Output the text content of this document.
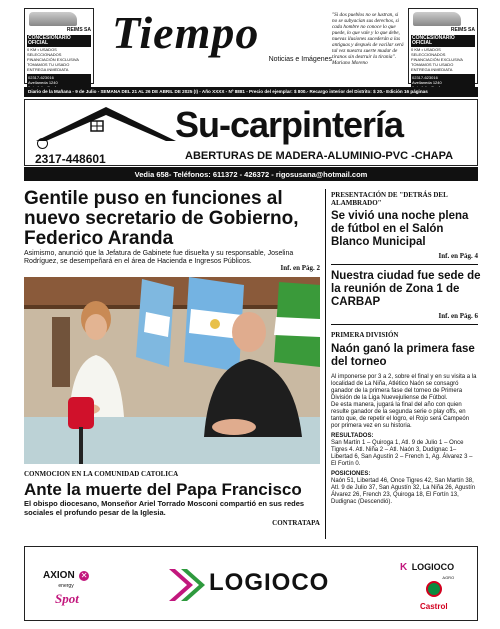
REIMS SA
CONCESIONARIO OFICIAL
0 KM • USADOS SELECCIONADOS
FINANCIACIÓN EXCLUSIVA
TOMAMOS TU USADO
ENTREGA INMEDIATA
02317-623016
Avellaneda 1240
Tiempo
Noticias e Imágenes
"Si dos pueblos no se lustran, si no se subyacían sus derechos, si cada hombre no conoce lo que puede, lo que vale y lo que debe, nuevas ilusiones sucederán a las antiguas y después de vacilar será tal vez nuestra suerte mudar de tiranos sin destruir la tiranía". Mariano Moreno
REIMS SA
CONCESIONARIO OFICIAL
0 KM • USADOS SELECCIONADOS
FINANCIACIÓN EXCLUSIVA
TOMAMOS TU USADO
ENTREGA INMEDIATA
02317-623016
Avellaneda 1240
Diario de la Mañana - 9 de Julio - SEMANA DEL 21 AL 26 DE ABRIL DE 2025 (I) - Año XXXX - Nº 8881 - Precio del ejemplar: $ 800.- Recargo interior del Distrito: $ 20.- Edición 16 páginas
Su-carpintería
2317-448601	ABERTURAS DE MADERA-ALUMINIO-PVC -CHAPA
Vedia 658- Teléfonos: 611372 - 426372 - rigosusana@hotmail.com
Gentile puso en funciones al nuevo secretario de Gobierno, Federico Aranda
Asimismo, anunció que la Jefatura de Gabinete fue disuelta y su responsable, Joselina Rodríguez, se desempeñará en el área de Hacienda e Ingresos Públicos.
Inf. en Pág. 2
CONMOCION EN LA COMUNIDAD CATOLICA
Ante la muerte del Papa Francisco
El obispo diocesano, Monseñor Ariel Torrado Mosconi compartió en sus redes sociales el profundo pesar de la Iglesia.
CONTRATAPA
PRESENTACIÓN DE "DETRÁS DEL ALAMBRADO"
Se vivió una noche plena de fútbol en el Salón Blanco Municipal
Inf. en Pág. 4
Nuestra ciudad fue sede de la reunión de Zona 1 de CARBAP
Inf. en Pág. 6
PRIMERA DIVISIÓN
Naón ganó la primera fase del torneo

Al imponerse por 3 a 2, sobre el final y en su visita a la localidad de La Niña, Atlético Naón se consagró ganador de la primera fase del torneo de Primera División de la Liga Nuevejuliense de Fútbol.

De esta manera, jugará la final del año con quien resulte ganador de la segunda serie o play offs, en tanto que, de repetir el logro, el Rojo será Campeón por primera vez en su historia.

RESULTADOS:

San Martín 1 – Quiroga 1, Atl. 9 de Julio 1 – Once Tigres 4. Atl. Niña 2 – Atl. Naón 3, Dudignac 1– Libertad 6, San Agustín 2 – French 1, Ag. Álvarez 3 – El Fortín 0.

POSICIONES:

Naón 51, Libertad 46, Once Tigres 42, San Martín 38, Atl. 9 de Julio 37, San Agustín 32, La Niña 26, Agustín Álvarez 26, French 23, Quiroga 18, El Fortín 13, Dudignac (Descendió).

AXION ✕
energy
Spot
LOGIOCO
K LOGIOCO
AGRO
Castrol
